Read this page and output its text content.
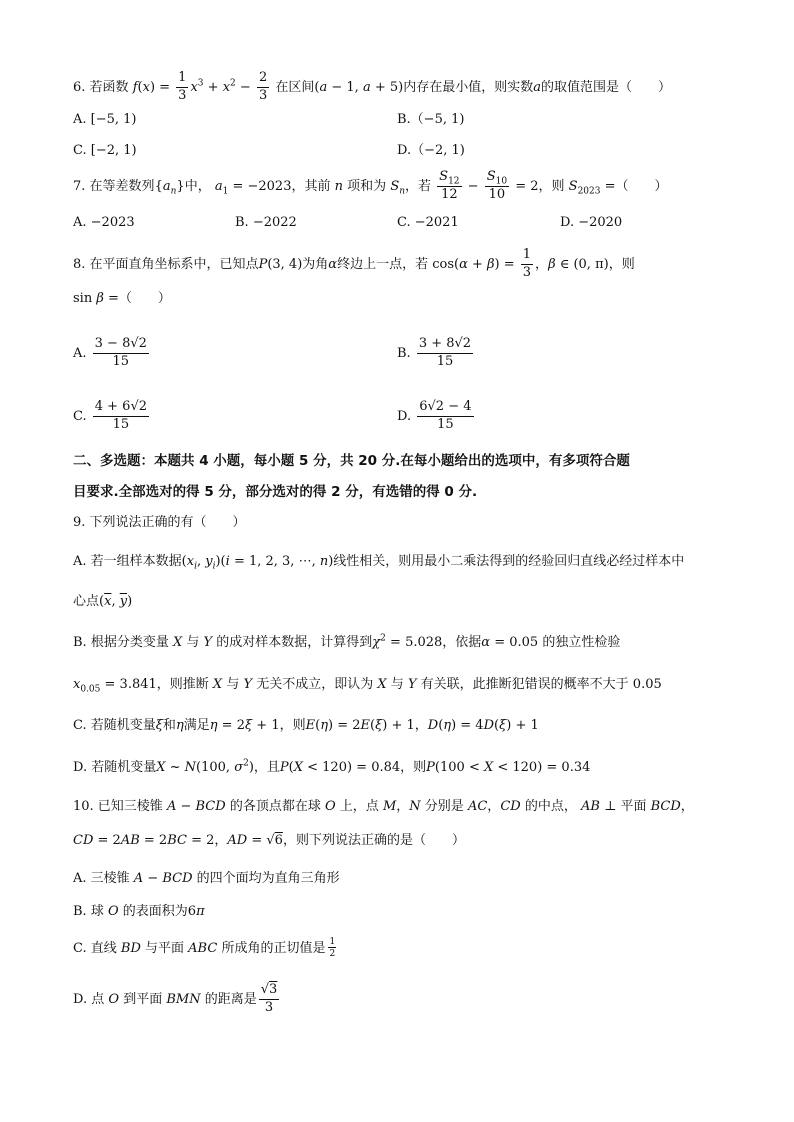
6. 若函数 $f(x) = \frac{1}{3} x^3 + x^2 - \frac{2}{3}$ 在区间(a − 1, a + 5)内存在最小值，则实数a的取值范围是（　　）
A. [−5, 1)	B.（−5, 1)
C. [−2, 1)	D.（−2, 1)
7. 在等差数列$\{a_n\}$中， $a_1 = -2023$，其前 n 项和为 $S_n$，若 $\frac{S_{12}}{12} - \frac{S_{10}}{10} = 2$，则 $S_{2023}$ =（　　）
A. −2023	B. −2022	C. −2021	D. −2020
8. 在平面直角坐标系中，已知点P(3, 4)为角α终边上一点，若 $\cos(\alpha + \beta) = \frac{1}{3}$ ，β ∈ (0, π)，则
sin β =（　　）
A. $\frac{3 - 8√2}{15}$	B. $\frac{3 + 8√2}{15}$
C. $\frac{4 + 6√2}{15}$	D. $\frac{6√2 - 4}{15}$
二、多选题：本题共 4 小题，每小题 5 分，共 20 分.在每小题给出的选项中，有多项符合题
目要求.全部选对的得 5 分，部分选对的得 2 分，有选错的得 0 分.
9. 下列说法正确的有（　　）
A. 若一组样本数据($x_i$, $y_i)(i = 1$, 2, 3, ⋯, n)线性相关，则用最小二乘法得到的经验回归直线必经过样本中
心点($\overline{x}$, $\overline{y}$)
B. 根据分类变量 X 与 Y 的成对样本数据，计算得到$\chi^2 = 5.028$，依据α = 0.05 的独立性检验
$x_{0.05} = 3.841$，则推断 X 与 Y 无关不成立，即认为 X 与 Y 有关联，此推断犯错误的概率不大于 0.05
C. 若随机变量ξ和η满足η = 2ξ + 1，则E(η) = 2E(ξ) + 1，D(η) = 4D(ξ) + 1
D. 若随机变量X ~ N(100, $\sigma^2$)，且P(X < 120) = 0.84，则P(100 < X < 120) = 0.34
10. 已知三棱锥 A − BCD 的各顶点都在球 O 上，点 M，N 分别是 AC，CD 的中点， AB ⊥ 平面 BCD，
CD = 2AB = 2BC = 2，AD = √6，则下列说法正确的是（　　）
A. 三棱锥 A − BCD 的四个面均为直角三角形
B. 球 O 的表面积为6π
C. 直线 BD 与平面 ABC 所成角的正切值是 $\frac{1}{2}$
D. 点 O 到平面 BMN 的距离是 $\frac{√3}{3}$
